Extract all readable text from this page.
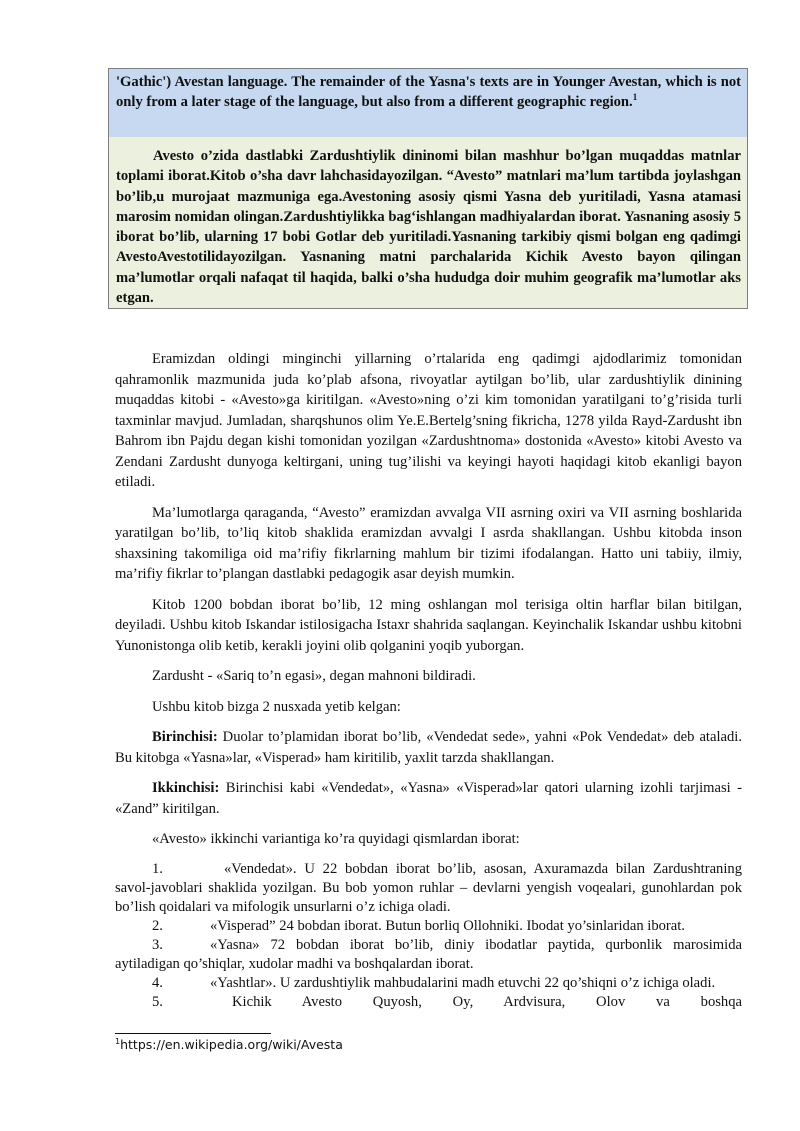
'Gathic') Avestan language. The remainder of the Yasna's texts are in Younger Avestan, which is not only from a later stage of the language, but also from a different geographic region.$^1$
Avesto o’zida dastlabki Zardushtiylik dininomi bilan mashhur bo’lgan muqaddas matnlar toplami iborat.Kitob o’sha davr lahchasidayozilgan. “Avesto” matnlari ma’lum tartibda joylashgan bo’lib,u murojaat mazmuniga ega.Avestoning asosiy qismi Yasna deb yuritiladi, Yasna atamasi marosim nomidan olingan.Zardushtiylikka bag‘ishlangan madhiyalardan iborat. Yasnaning asosiy 5 iborat bo’lib, ularning 17 bobi Gotlar deb yuritiladi.Yasnaning tarkibiy qismi bolgan eng qadimgi AvestoAvestotilidayozilgan. Yasnaning matni parchalarida Kichik Avesto bayon qilingan ma’lumotlar orqali nafaqat til haqida, balki o’sha hududga doir muhim geografik ma’lumotlar aks etgan.

Eramizdan oldingi minginchi yillarning o’rtalarida eng qadimgi ajdodlarimiz tomonidan qahramonlik mazmunida juda ko’plab afsona, rivoyatlar aytilgan bo’lib, ular zardushtiylik dinining muqaddas kitobi - «Avesto»ga kiritilgan. «Avesto»ning o’zi kim tomonidan yaratilgani to’g’risida turli taxminlar mavjud. Jumladan, sharqshunos olim Ye.E.Bertelg’sning fikricha, 1278 yilda Rayd-Zardusht ibn Bahrom ibn Pajdu degan kishi tomonidan yozilgan «Zardushtnoma» dostonida «Avesto» kitobi Avesto va Zendani Zardusht dunyoga keltirgani, uning tug’ilishi va keyingi hayoti haqidagi kitob ekanligi bayon etiladi.

Ma’lumotlarga qaraganda, “Avesto” eramizdan avvalga VII asrning oxiri va VII asrning boshlarida yaratilgan bo’lib, to’liq kitob shaklida eramizdan avvalgi I asrda shakllangan. Ushbu kitobda inson shaxsining takomiliga oid ma’rifiy fikrlarning mahlum bir tizimi ifodalangan. Hatto uni tabiiy, ilmiy, ma’rifiy fikrlar to’plangan dastlabki pedagogik asar deyish mumkin.

Kitob 1200 bobdan iborat bo’lib, 12 ming oshlangan mol terisiga oltin harflar bilan bitilgan, deyiladi. Ushbu kitob Iskandar istilosigacha Istaxr shahrida saqlangan. Keyinchalik Iskandar ushbu kitobni Yunonistonga olib ketib, kerakli joyini olib qolganini yoqib yuborgan.

Zardusht - «Sariq to’n egasi», degan mahnoni bildiradi.

Ushbu kitob bizga 2 nusxada yetib kelgan:

Birinchisi: Duolar to’plamidan iborat bo’lib, «Vendedat sede», yahni «Pok Vendedat» deb ataladi. Bu kitobga «Yasna»lar, «Visperad» ham kiritilib, yaxlit tarzda shakllangan.

Ikkinchisi: Birinchisi kabi «Vendedat», «Yasna» «Visperad»lar qatori ularning izohli tarjimasi - «Zand” kiritilgan.

«Avesto» ikkinchi variantiga ko’ra quyidagi qismlardan iborat:

1.	«Vendedat». U 22 bobdan iborat bo’lib, asosan, Axuramazda bilan Zardushtraning savol-javoblari shaklida yozilgan. Bu bob yomon ruhlar – devlarni yengish voqealari, gunohlardan pok bo’lish qoidalari va mifologik unsurlarni o’z ichiga oladi.

2.	«Visperad” 24 bobdan iborat. Butun borliq Ollohniki. Ibodat yo’sinlaridan iborat.

3.	«Yasna» 72 bobdan iborat bo’lib, diniy ibodatlar paytida, qurbonlik marosimida aytiladigan qo’shiqlar, xudolar madhi va boshqalardan iborat.

4.	«Yashtlar». U zardushtiylik mahbudalarini madh etuvchi 22 qo’shiqni o’z ichiga oladi.

5.	Kichik Avesto Quyosh, Oy, Ardvisura, Olov va boshqa

$^1$https://en.wikipedia.org/wiki/Avesta
